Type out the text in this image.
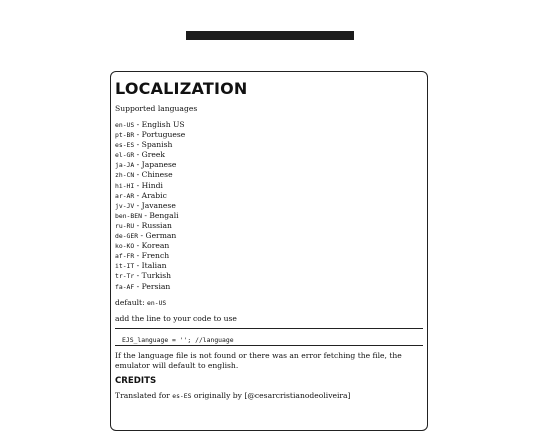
LOCALIZATION

Supported languages

en-US - English US
pt-BR - Portuguese
es-ES - Spanish
el-GR - Greek
ja-JA - Japanese
zh-CN - Chinese
hi-HI - Hindi
ar-AR - Arabic
jv-JV - Javanese
ben-BEN - Bengali
ru-RU - Russian
de-GER - German
ko-KO - Korean
af-FR - French
it-IT - Italian
tr-Tr - Turkish
fa-AF - Persian

default: en-US

add the line to your code to use

EJS_language = ''; //language

If the language file is not found or there was an error fetching the file, the emulator will default to english.

CREDITS

Translated for es-ES originally by [@cesarcristianodeoliveira]
